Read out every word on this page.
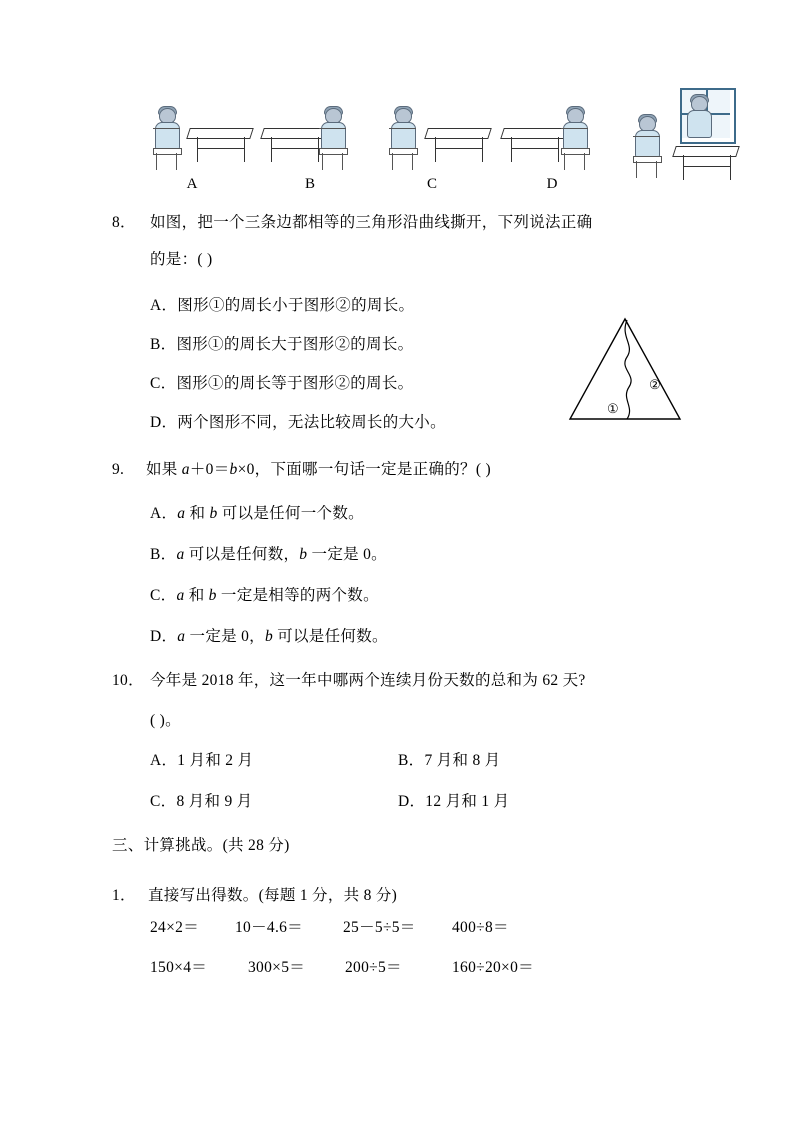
A	B	C	D
8． 如图，把一个三条边都相等的三角形沿曲线撕开，下列说法正确
的是：( )
A．图形①的周长小于图形②的周长。
B．图形①的周长大于图形②的周长。
C．图形①的周长等于图形②的周长。
D．两个图形不同，无法比较周长的大小。
②
①
9. 如果 a＋0＝b×0，下面哪一句话一定是正确的？( )
A．a 和 b 可以是任何一个数。
B．a 可以是任何数，b 一定是 0。
C．a 和 b 一定是相等的两个数。
D．a 一定是 0，b 可以是任何数。
10． 今年是 2018 年，这一年中哪两个连续月份天数的总和为 62 天?
( )。
A．1 月和 2 月	B．7 月和 8 月
C．8 月和 9 月	D．12 月和 1 月
三、计算挑战。(共 28 分)
1． 直接写出得数。(每题 1 分，共 8 分)
24×2＝ 10－4.6＝	25－5÷5＝ 400÷8＝
150×4＝	300×5＝	200÷5＝	160÷20×0＝
